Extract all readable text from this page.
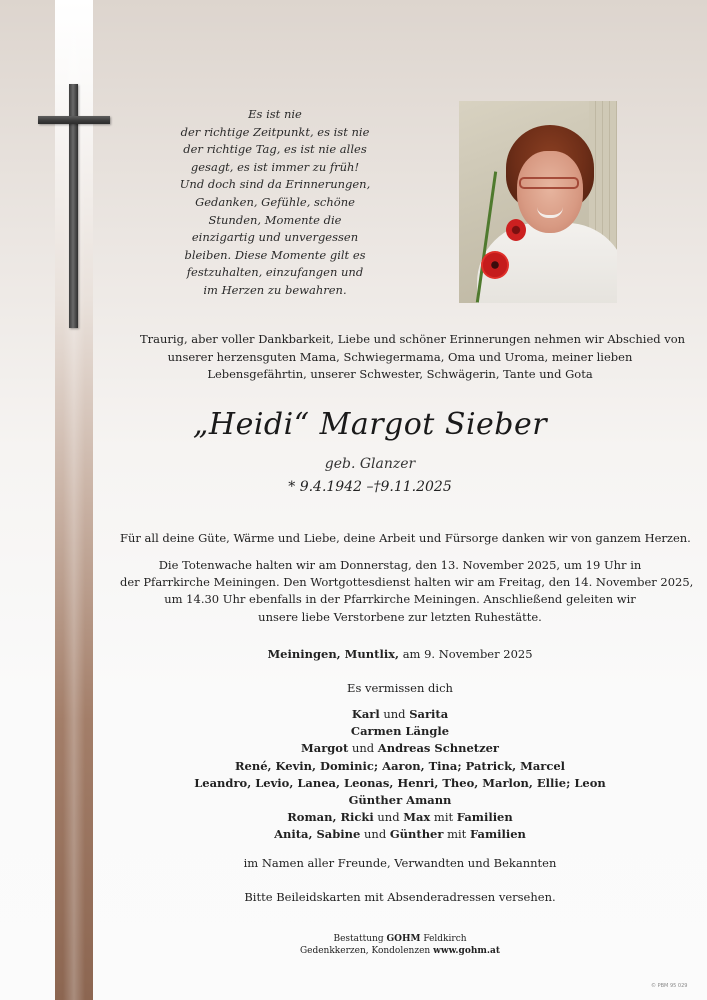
Es ist nie
der richtige Zeitpunkt, es ist nie
der richtige Tag, es ist nie alles
gesagt, es ist immer zu früh!
Und doch sind da Erinnerungen,
Gedanken, Gefühle, schöne
Stunden, Momente die
einzigartig und unvergessen
bleiben. Diese Momente gilt es
festzuhalten, einzufangen und
im Herzen zu bewahren.
Traurig, aber voller Dankbarkeit, Liebe und schöner Erinnerungen nehmen wir Abschied von
unserer herzensguten Mama, Schwiegermama, Oma und Uroma, meiner lieben
Lebensgefährtin, unserer Schwester, Schwägerin, Tante und Gota
„Heidi“ Margot Sieber
geb. Glanzer
* 9.4.1942 –†9.11.2025
Für all deine Güte, Wärme und Liebe, deine Arbeit und Fürsorge danken wir von ganzem Herzen.
Die Totenwache halten wir am Donnerstag, den 13. November 2025, um 19 Uhr in
der Pfarrkirche Meiningen. Den Wortgottesdienst halten wir am Freitag, den 14. November 2025,
um 14.30 Uhr ebenfalls in der Pfarrkirche Meiningen. Anschließend geleiten wir
unsere liebe Verstorbene zur letzten Ruhestätte.
Meiningen, Muntlix, am 9. November 2025
Es vermissen dich
Karl und Sarita
Carmen Längle
Margot und Andreas Schnetzer
René, Kevin, Dominic; Aaron, Tina; Patrick, Marcel
Leandro, Levio, Lanea, Leonas, Henri, Theo, Marlon, Ellie; Leon
Günther Amann
Roman, Ricki und Max mit Familien
Anita, Sabine und Günther mit Familien
im Namen aller Freunde, Verwandten und Bekannten
Bitte Beileidskarten mit Absenderadressen versehen.
Bestattung GOHM Feldkirch
Gedenkkerzen, Kondolenzen www.gohm.at
© PBM 95 029
